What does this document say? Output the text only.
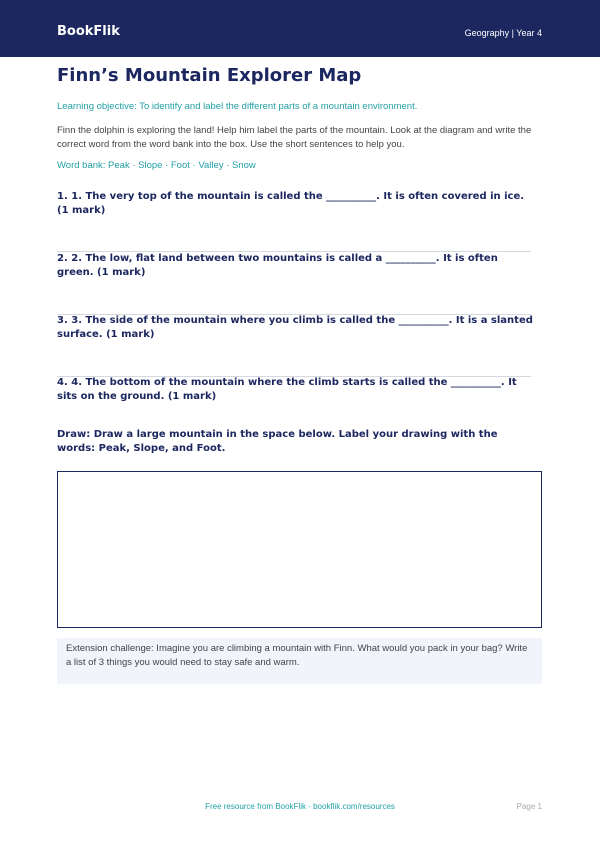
BookFlik	Geography | Year 4
Finn’s Mountain Explorer Map
Learning objective: To identify and label the different parts of a mountain environment.
Finn the dolphin is exploring the land! Help him label the parts of the mountain. Look at the diagram and write the correct word from the word bank into the box. Use the short sentences to help you.
Word bank: Peak · Slope · Foot · Valley · Snow
1. 1. The very top of the mountain is called the __________. It is often covered in ice. (1 mark)
2. 2. The low, flat land between two mountains is called a __________. It is often green. (1 mark)
3. 3. The side of the mountain where you climb is called the __________. It is a slanted surface. (1 mark)
4. 4. The bottom of the mountain where the climb starts is called the __________. It sits on the ground. (1 mark)
Draw: Draw a large mountain in the space below. Label your drawing with the words: Peak, Slope, and Foot.
Extension challenge: Imagine you are climbing a mountain with Finn. What would you pack in your bag? Write a list of 3 things you would need to stay safe and warm.
Free resource from BookFlik · bookflik.com/resources	Page 1
